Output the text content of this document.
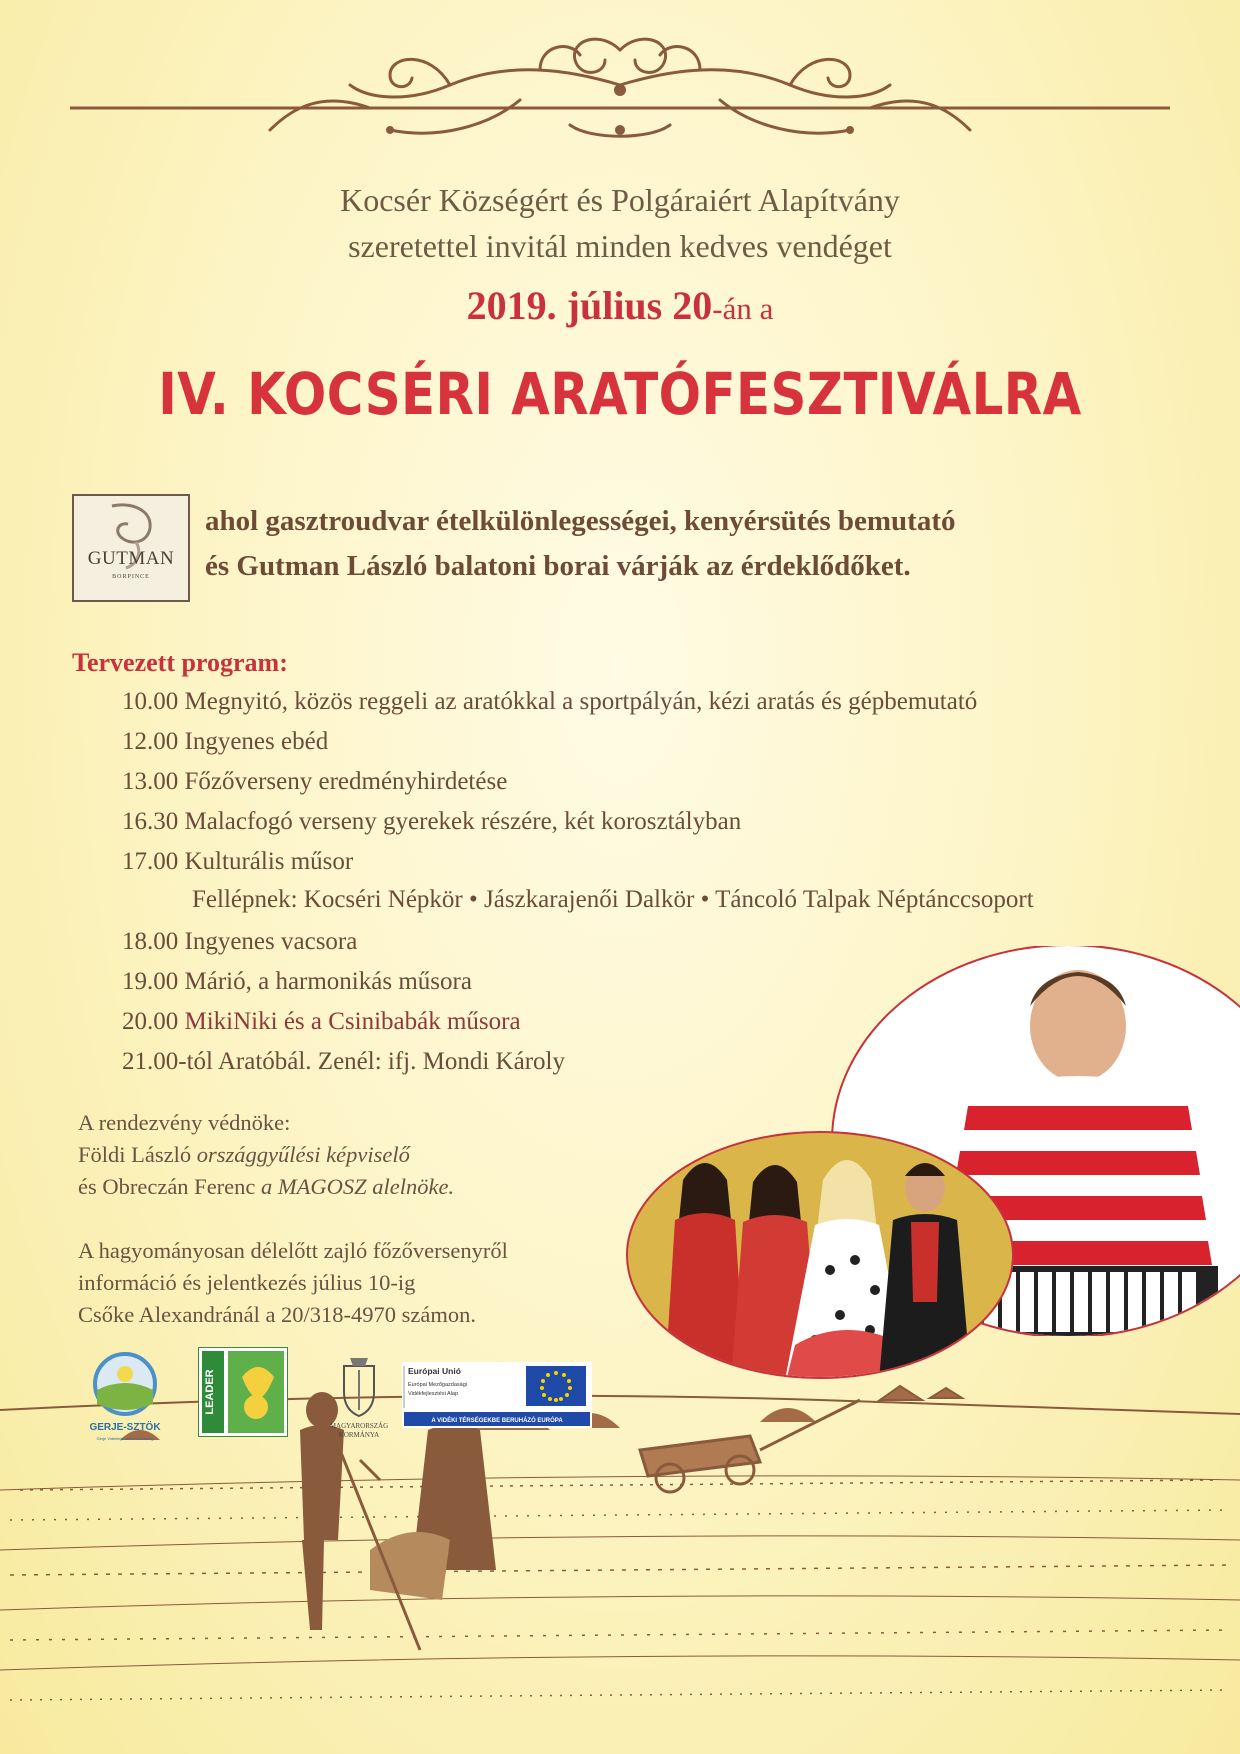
Kocsér Községért és Polgáraiért Alapítvány
szeretettel invitál minden kedves vendéget
2019. július 20-án a
IV. KOCSÉRI ARATÓFESZTIVÁLRA
GUTMAN
BORPINCE
ahol gasztroudvar ételkülönlegességei, kenyérsütés bemutató
és Gutman László balatoni borai várják az érdeklődőket.
Tervezett program:
10.00 Megnyitó, közös reggeli az aratókkal a sportpályán, kézi aratás és gépbemutató
12.00 Ingyenes ebéd
13.00 Főzőverseny eredményhirdetése
16.30 Malacfogó verseny gyerekek részére, két korosztályban
17.00 Kulturális műsor
Fellépnek: Kocséri Népkör • Jászkarajenői Dalkör • Táncoló Talpak Néptánccsoport
18.00 Ingyenes vacsora
19.00 Márió, a harmonikás műsora
20.00 MikiNiki és a Csinibabák műsora
21.00-tól Aratóbál. Zenél: ifj. Mondi Károly
A rendezvény védnöke:
Földi László országgyűlési képviselő
és Obreczán Ferenc a MAGOSZ alelnöke.
A hagyományosan délelőtt zajló főzőversenyről
információ és jelentkezés július 10-ig
Csőke Alexandránál a 20/318-4970 számon.
GERJE-SZTÖK
Gerje Vidékfejlesztési Közösség
LEADER
MAGYARORSZÁG
KORMÁNYA
Európai Unió
Európai Mezőgazdasági
Vidékfejlesztési Alap
A VIDÉKI TÉRSÉGEKBE BERUHÁZÓ EURÓPA
